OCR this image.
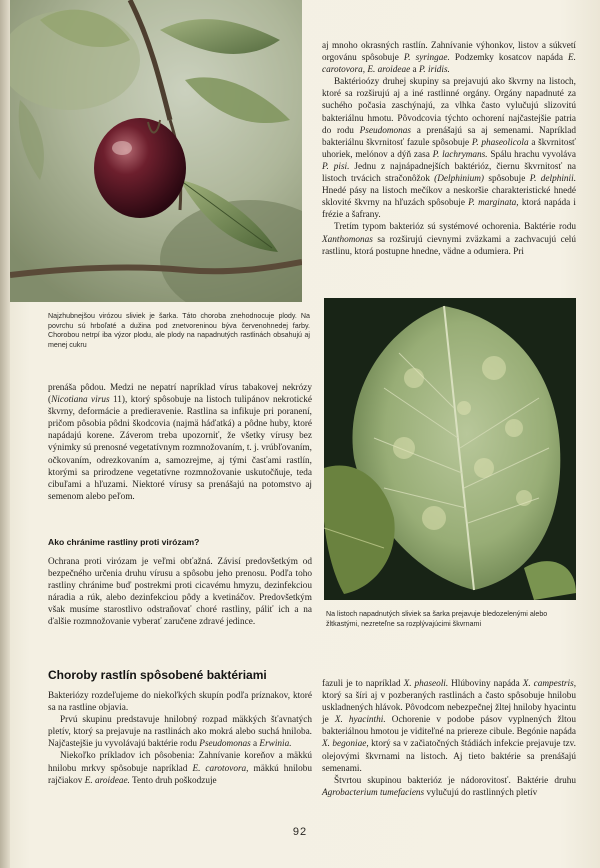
Najzhubnejšou virózou sliviek je šarka. Táto choroba znehodnocuje plody. Na povrchu sú hrboľaté a dužina pod znetvoreninou býva červenohnedej farby. Chorobou netrpí iba výzor plodu, ale plody na napadnutých rastlinách obsahujú aj menej cukru

aj mnoho okrasných rastlín. Zahnívanie výhonkov, listov a súkvetí orgovánu spôsobuje P. syringae. Podzemky kosatcov napáda E. carotovora, E. aroideae a P. iridis.

Baktérioózy druhej skupiny sa prejavujú ako škvrny na listoch, ktoré sa rozširujú aj a iné rastlinné orgány. Orgány napadnuté za suchého počasia zaschýnajú, za vlhka často vylučujú slizovitú bakteriálnu hmotu. Pôvodcovia týchto ochorení najčastejšie patria do rodu Pseudomonas a prenášajú sa aj semenami. Napríklad bakteriálnu škvrnitosť fazule spôsobuje P. phaseolicola a škvrnitosť uhoriek, melónov a dýň zasa P. lachrymans. Spálu hrachu vyvoláva P. pisi. Jednu z najnápadnejších baktérióz, čiernu škvrnitosť na listoch trvácich stračonôžok (Delphinium) spôsobuje P. delphinii. Hnedé pásy na listoch mečíkov a neskoršie charakteristické hnedé sklovité škvrny na hľuzách spôsobuje P. marginata, ktorá napáda i frézie a šafrany.

Tretím typom bakterióz sú systémové ochorenia. Baktérie rodu Xanthomonas sa rozširujú cievnymi zväzkami a zachvacujú celú rastlinu, ktorá postupne hnedne, vädne a odumiera. Pri

Na listoch napadnutých sliviek sa šarka prejavuje bledozelenými alebo žltkastými, nezreteľne sa rozplývajúcimi škvrnami

prenáša pôdou. Medzi ne nepatrí napríklad vírus tabakovej nekrózy (Nicotiana virus 11), ktorý spôsobuje na listoch tulipánov nekrotické škvrny, deformácie a predieravenie. Rastlina sa infikuje pri poranení, pričom pôsobia pôdni škodcovia (najmä háďatká) a pôdne huby, ktoré napádajú korene. Záverom treba upozorniť, že všetky vírusy bez výnimky sú prenosné vegetatívnym rozmnožovaním, t. j. vrúbľovaním, očkovaním, odrezkovaním a, samozrejme, aj tými časťami rastlín, ktorými sa prirodzene vegetatívne rozmnožovanie uskutočňuje, teda cibuľami a hľuzami. Niektoré vírusy sa prenášajú na potomstvo aj semenom alebo peľom.

Ako chránime rastliny proti virózam?

Ochrana proti virózam je veľmi obťažná. Závisí predovšetkým od bezpečného určenia druhu vírusu a spôsobu jeho prenosu. Podľa toho rastliny chránime buď postrekmi proti cicavému hmyzu, dezinfekciou náradia a rúk, alebo dezinfekciou pôdy a kvetináčov. Predovšetkým však musíme starostlivo odstraňovať choré rastliny, páliť ich a na ďalšie rozmnožovanie vyberať zaručene zdravé jedince.

Choroby rastlín spôsobené baktériami

Bakteriózy rozdeľujeme do niekoľkých skupín podľa príznakov, ktoré sa na rastline objavia.

Prvú skupinu predstavuje hnilobný rozpad mäkkých šťavnatých pletív, ktorý sa prejavuje na rastlinách ako mokrá alebo suchá hniloba. Najčastejšie ju vyvolávajú baktérie rodu Pseudomonas a Erwinia.

Niekoľko príkladov ich pôsobenia: Zahnívanie koreňov a mäkkú hnilobu mrkvy spôsobuje napríklad E. carotovora, mäkkú hnilobu rajčiakov E. aroideae. Tento druh poškodzuje

fazuli je to napríklad X. phaseoli. Hlúboviny napáda X. campestris, ktorý sa šíri aj v pozberaných rastlinách a často spôsobuje hnilobu uskladnených hlávok. Pôvodcom nebezpečnej žltej hniloby hyacintu je X. hyacinthi. Ochorenie v podobe pásov vyplnených žltou bakteriálnou hmotou je viditeľné na priereze cibule. Begónie napáda X. begoniae, ktorý sa v začiatočných štádiách infekcie prejavuje tzv. olejovými škvrnami na listoch. Aj tieto baktérie sa prenášajú semenami.

Štvrtou skupinou bakterióz je nádorovitosť. Baktérie druhu Agrobacterium tumefaciens vylučujú do rastlinných pletív

92
